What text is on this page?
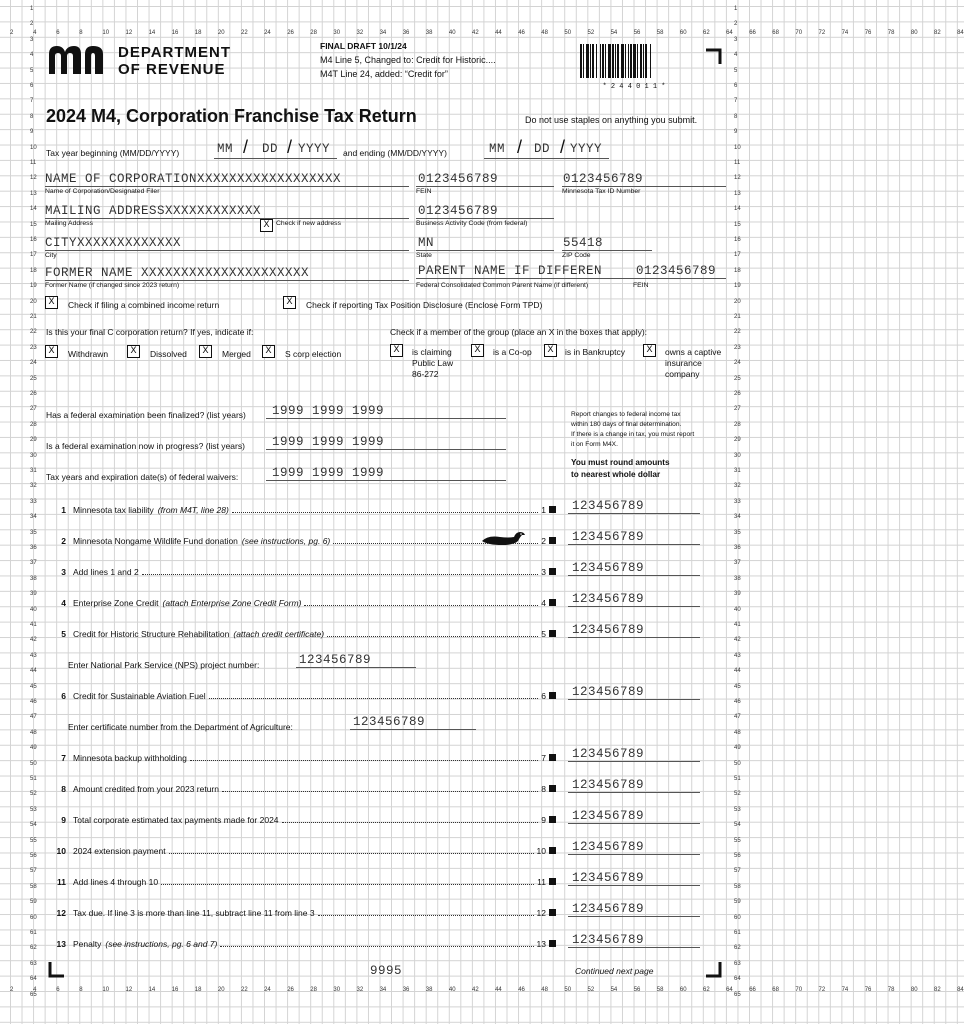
2	4	6	8	10	12	14	16	18	20	22	24	26	28	30	32	34	36	38	40	42	44	46	48	50	52	54	56	58	60	62	64	66	68	70	72	74	76	78	80	82	84
2	4	6	8	10	12	14	16	18	20	22	24	26	28	30	32	34	36	38	40	42	44	46	48	50	52	54	56	58	60	62	64	66	68	70	72	74	76	78	80	82	84
1
2
3
4
5
6
7
8
9
10
11
12
13
14
15
16
17
18
19
20
21
22
23
24
25
26
27
28
29
30
31
32
33
34
35
36
37
38
39
40
41
42
43
44
45
46
47
48
49
50
51
52
53
54
55
56
57
58
59
60
61
62
63
64
65
1
2
3
4
5
6
7
8
9
10
11
12
13
14
15
16
17
18
19
20
21
22
23
24
25
26
27
28
29
30
31
32
33
34
35
36
37
38
39
40
41
42
43
44
45
46
47
48
49
50
51
52
53
54
55
56
57
58
59
60
61
62
63
64
65
DEPARTMENT
OF REVENUE
FINAL DRAFT 10/1/24
M4 Line 5, Changed to: Credit for Historic....
M4T Line 24, added: “Credit for”
* 2 4 4 0 1 1 *
2024 M4, Corporation Franchise Tax Return	Do not use staples on anything you submit.
Tax year beginning (MM/DD/YYYY)	MM / DD / YYYY and ending (MM/DD/YYYY)	MM / DD / YYYY
NAME OF CORPORATIONXXXXXXXXXXXXXXXXXX
Name of Corporation/Designated Filer
0123456789
FEIN
0123456789
Minnesota Tax ID Number
MAILING ADDRESSXXXXXXXXXXXX
Mailing Address	X Check if new address
0123456789
Business Activity Code (from federal)
CITYXXXXXXXXXXXXX
City
MN
State
55418
ZIP Code
FORMER NAME XXXXXXXXXXXXXXXXXXXXX
Former Name (if changed since 2023 return)
PARENT NAME IF DIFFEREN	0123456789
Federal Consolidated Common Parent Name (if different)	FEIN
X	Check if filing a combined income return	X	Check if reporting Tax Position Disclosure (Enclose Form TPD)
Is this your final C corporation return? If yes, indicate if:
X	Withdrawn	X	Dissolved	X	Merged	X	S corp election
Check if a member of the group (place an X in the boxes that apply):
X	is claiming
Public Law
86-272
X	is a Co-op	X	is in Bankruptcy	X	owns a captive
insurance
company
Has a federal examination been finalized? (list years) 1999 1999 1999
Is a federal examination now in progress? (list years) 1999 1999 1999
Tax years and expiration date(s) of federal waivers:	1999 1999 1999
Report changes to federal income tax
within 180 days of final determination.
If there is a change in tax, you must report
it on Form M4X.
You must round amounts
to nearest whole dollar
1 Minnesota tax liability (from M4T, line 28)	1 123456789
2 Minnesota Nongame Wildlife Fund donation (see instructions, pg. 6)	2 123456789
3 Add lines 1 and 2	3 123456789
4 Enterprise Zone Credit (attach Enterprise Zone Credit Form)	4 123456789
5 Credit for Historic Structure Rehabilitation (attach credit certificate)	5 123456789
6 Credit for Sustainable Aviation Fuel	6 123456789
7 Minnesota backup withholding	7 123456789
8 Amount credited from your 2023 return	8 123456789
9 Total corporate estimated tax payments made for 2024	9 123456789
10 2024 extension payment	10 123456789
11 Add lines 4 through 10	11 123456789
12 Tax due. If line 3 is more than line 11, subtract line 11 from line 3	12 123456789
13 Penalty (see instructions, pg. 6 and 7)	13 123456789
Enter National Park Service (NPS) project number:	123456789
Enter certificate number from the Department of Agriculture:	123456789
9995	Continued next page
